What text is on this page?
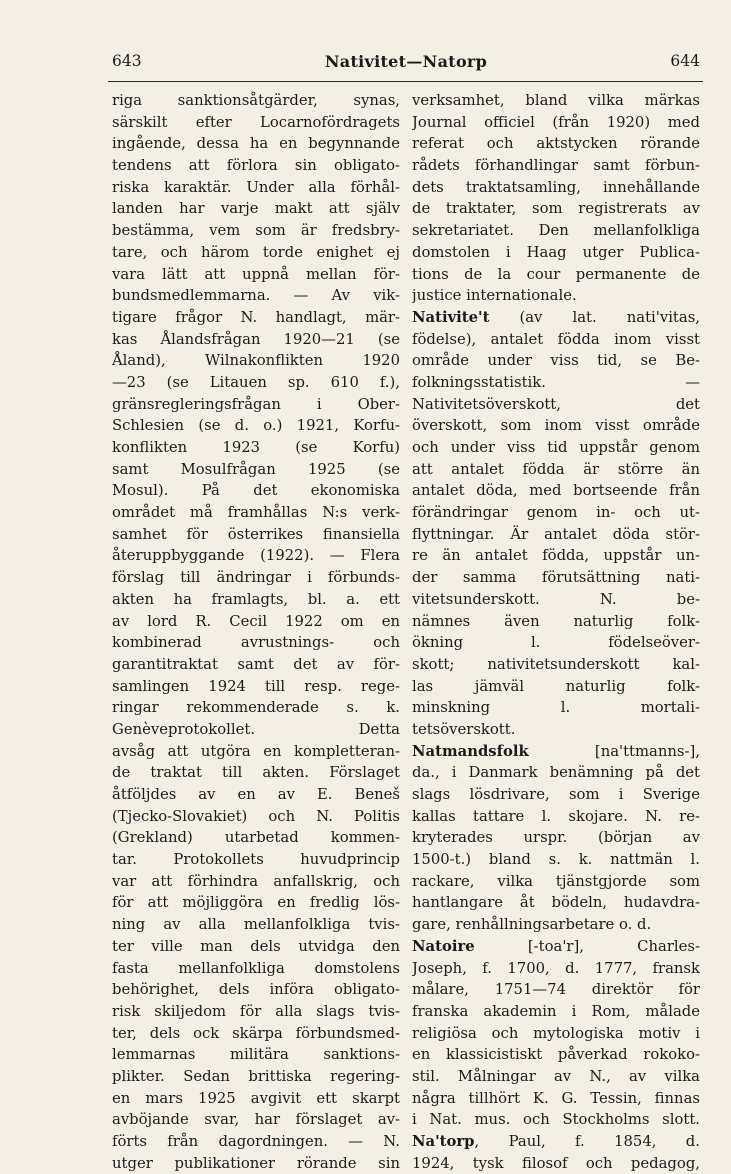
643	Nativitet—Natorp	644
riga sanktionsåtgärder, synas,
särskilt efter Locarnofördragets
ingående, dessa ha en begynnande
tendens att förlora sin obligato-
riska karaktär. Under alla förhål-
landen har varje makt att själv
bestämma, vem som är fredsbry-
tare, och härom torde enighet ej
vara lätt att uppnå mellan för-
bundsmedlemmarna. — Av vik-
tigare frågor N. handlagt, mär-
kas Ålandsfrågan 1920—21 (se
Åland), Wilnakonflikten 1920
—23 (se Litauen sp. 610 f.),
gränsregleringsfrågan i Ober-
Schlesien (se d. o.) 1921, Korfu-
konflikten 1923 (se Korfu)
samt Mosulfrågan 1925 (se
Mosul). På det ekonomiska
området må framhållas N:s verk-
samhet för österrikes finansiella
återuppbyggande (1922). — Flera
förslag till ändringar i förbunds-
akten ha framlagts, bl. a. ett
av lord R. Cecil 1922 om en
kombinerad avrustnings- och
garantitraktat samt det av för-
samlingen 1924 till resp. rege-
ringar rekommenderade s. k.
Genèveprotokollet. Detta
avsåg att utgöra en kompletteran-
de traktat till akten. Förslaget
åtföljdes av en av E. Beneš
(Tjecko-Slovakiet) och N. Politis
(Grekland) utarbetad kommen-
tar. Protokollets huvudprincip
var att förhindra anfallskrig, och
för att möjliggöra en fredlig lös-
ning av alla mellanfolkliga tvis-
ter ville man dels utvidga den
fasta mellanfolkliga domstolens
behörighet, dels införa obligato-
risk skiljedom för alla slags tvis-
ter, dels ock skärpa förbundsmed-
lemmarnas militära sanktions-
plikter. Sedan brittiska regering-
en mars 1925 avgivit ett skarpt
avböjande svar, har förslaget av-
förts från dagordningen. — N.
utger publikationer rörande sin
verksamhet, bland vilka märkas
Journal officiel (från 1920) med
referat och aktstycken rörande
rådets förhandlingar samt förbun-
dets traktatsamling, innehållande
de traktater, som registrerats av
sekretariatet. Den mellanfolkliga
domstolen i Haag utger Publica-
tions de la cour permanente de
justice internationale.
Nativite't (av lat. nati'vitas,
födelse), antalet födda inom visst
område under viss tid, se Be-
folkningsstatistik. —
Nativitetsöverskott, det
överskott, som inom visst område
och under viss tid uppstår genom
att antalet födda är större än
antalet döda, med bortseende från
förändringar genom in- och ut-
flyttningar. Är antalet döda stör-
re än antalet födda, uppstår un-
der samma förutsättning nati-
vitetsunderskott. N. be-
nämnes även naturlig folk-
ökning l. födelseöver-
skott; nativitetsunderskott kal-
las jämväl naturlig folk-
minskning l. mortali-
tetsöverskott.
Natmandsfolk [na'ttmanns-],
da., i Danmark benämning på det
slags lösdrivare, som i Sverige
kallas tattare l. skojare. N. re-
kryterades urspr. (början av
1500-t.) bland s. k. nattmän l.
rackare, vilka tjänstgjorde som
hantlangare åt bödeln, hudavdra-
gare, renhållningsarbetare o. d.
Natoire [-toa'r], Charles-
Joseph, f. 1700, d. 1777, fransk
målare, 1751—74 direktör för
franska akademin i Rom, målade
religiösa och mytologiska motiv i
en klassicistiskt påverkad rokoko-
stil. Målningar av N., av vilka
några tillhört K. G. Tessin, finnas
i Nat. mus. och Stockholms slott.
Na'torp, Paul, f. 1854, d.
1924, tysk filosof och pedagog,
